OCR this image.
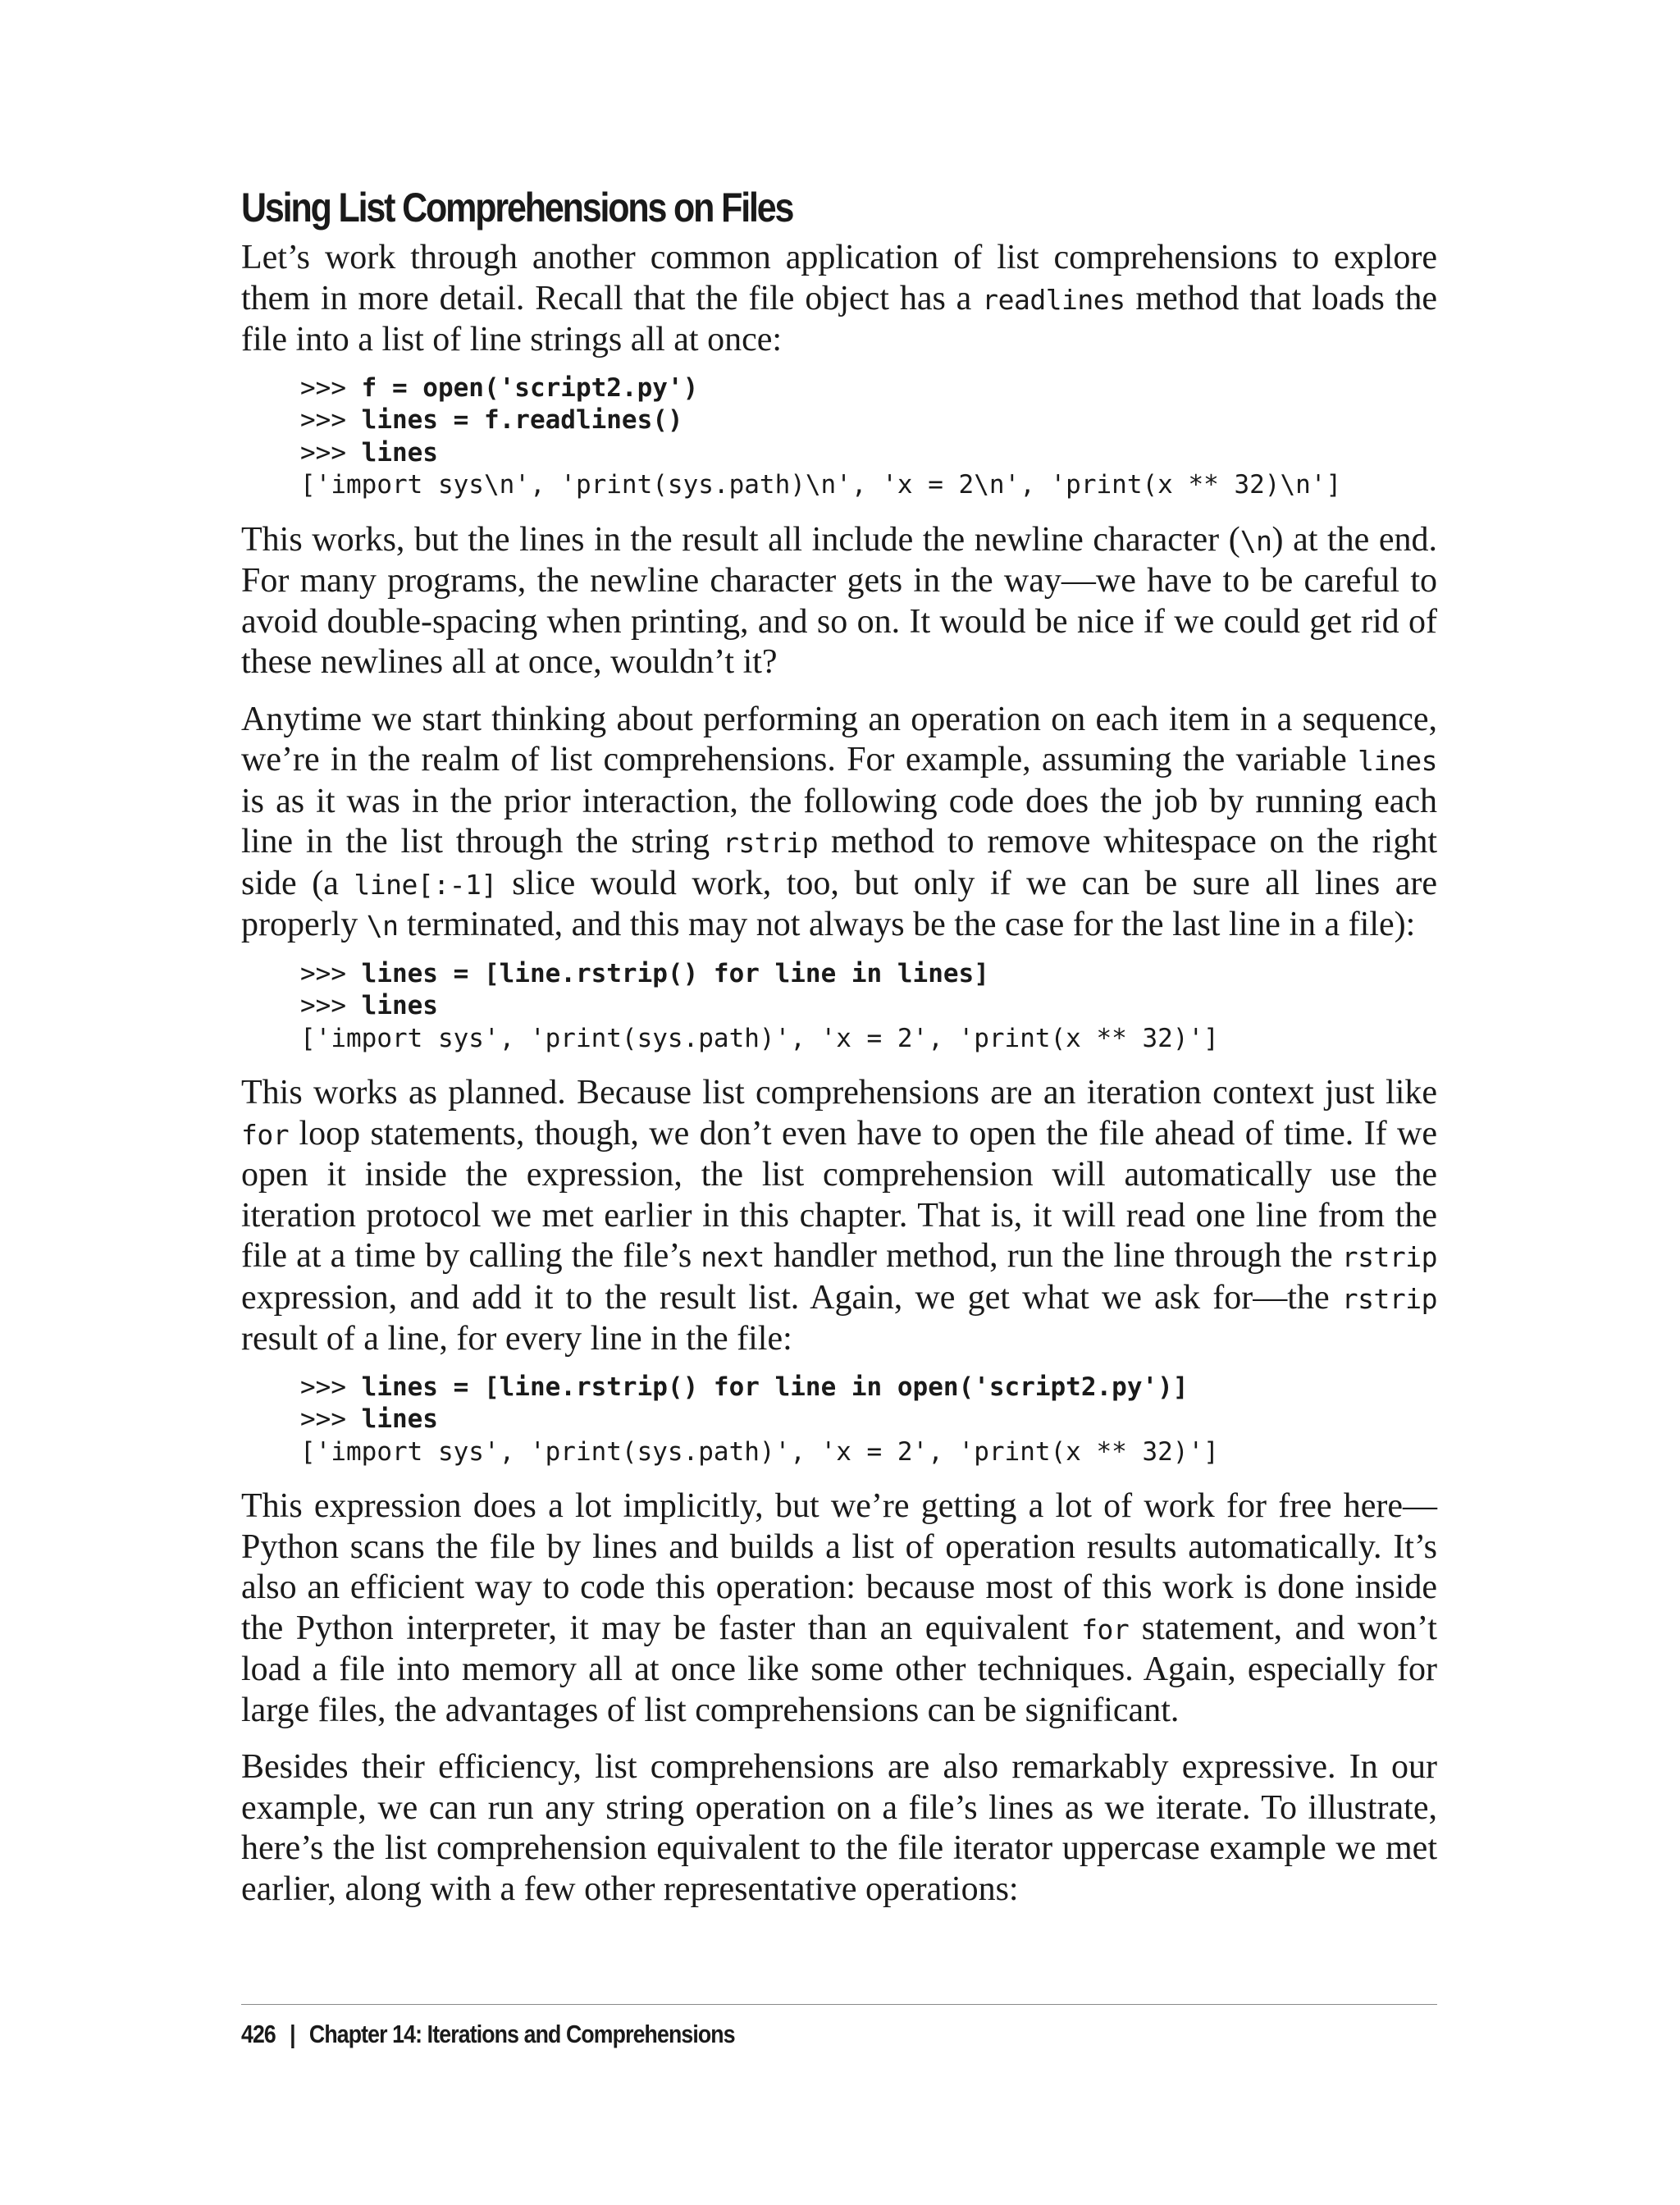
Using List Comprehensions on Files

Let’s work through another common application of list comprehensions to explore them in more detail. Recall that the file object has a readlines method that loads the file into a list of line strings all at once:

>>> f = open('script2.py')
>>> lines = f.readlines()
>>> lines
['import sys\n', 'print(sys.path)\n', 'x = 2\n', 'print(x ** 32)\n']

This works, but the lines in the result all include the newline character (\n) at the end. For many programs, the newline character gets in the way—we have to be careful to avoid double-spacing when printing, and so on. It would be nice if we could get rid of these newlines all at once, wouldn’t it?

Anytime we start thinking about performing an operation on each item in a sequence, we’re in the realm of list comprehensions. For example, assuming the variable lines is as it was in the prior interaction, the following code does the job by running each line in the list through the string rstrip method to remove whitespace on the right side (a line[:-1] slice would work, too, but only if we can be sure all lines are properly \n terminated, and this may not always be the case for the last line in a file):

>>> lines = [line.rstrip() for line in lines]
>>> lines
['import sys', 'print(sys.path)', 'x = 2', 'print(x ** 32)']

This works as planned. Because list comprehensions are an iteration context just like for loop statements, though, we don’t even have to open the file ahead of time. If we open it inside the expression, the list comprehension will automatically use the iteration protocol we met earlier in this chapter. That is, it will read one line from the file at a time by calling the file’s next handler method, run the line through the rstrip expression, and add it to the result list. Again, we get what we ask for—the rstrip result of a line, for every line in the file:

>>> lines = [line.rstrip() for line in open('script2.py')]
>>> lines
['import sys', 'print(sys.path)', 'x = 2', 'print(x ** 32)']

This expression does a lot implicitly, but we’re getting a lot of work for free here—Python scans the file by lines and builds a list of operation results automatically. It’s also an efficient way to code this operation: because most of this work is done inside the Python interpreter, it may be faster than an equivalent for statement, and won’t load a file into memory all at once like some other techniques. Again, especially for large files, the advantages of list comprehensions can be significant.

Besides their efficiency, list comprehensions are also remarkably expressive. In our example, we can run any string operation on a file’s lines as we iterate. To illustrate, here’s the list comprehension equivalent to the file iterator uppercase example we met earlier, along with a few other representative operations:

426 | Chapter 14: Iterations and Comprehensions
